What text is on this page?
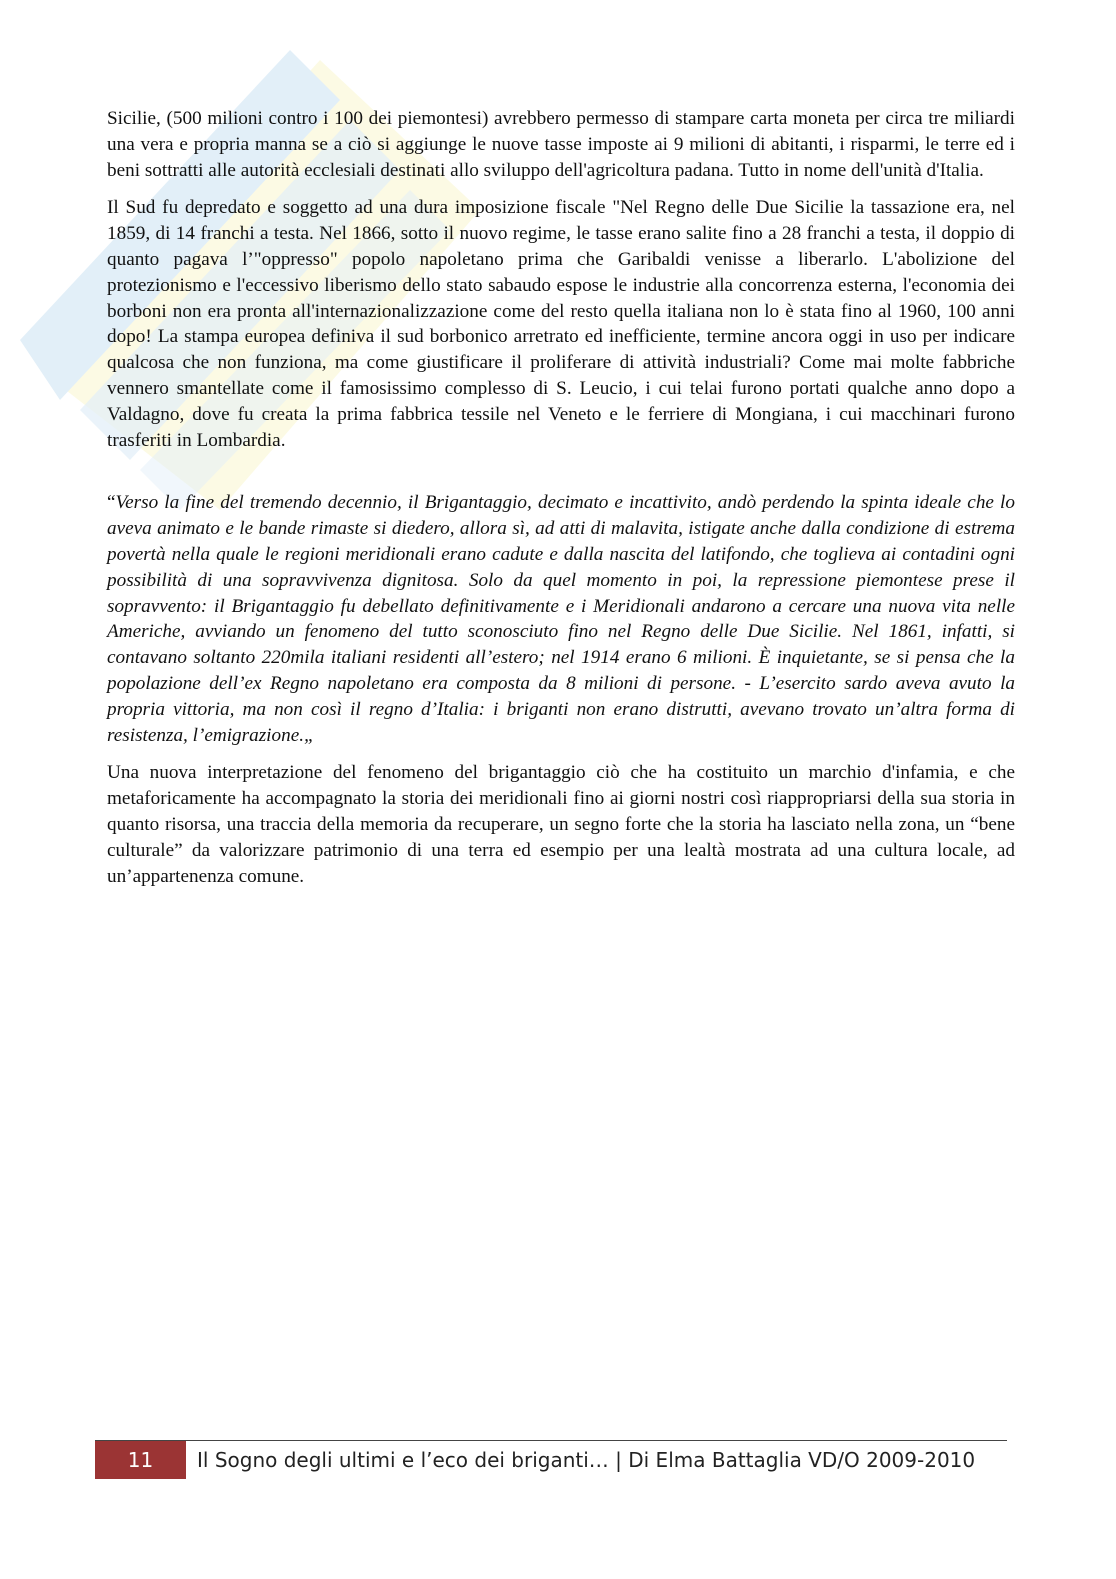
Sicilie, (500 milioni contro i 100 dei piemontesi) avrebbero permesso di stampare carta moneta per circa tre miliardi una vera e propria manna se a ciò si aggiunge le nuove tasse imposte ai 9 milioni di abitanti, i risparmi, le terre ed i beni sottratti alle autorità ecclesiali destinati allo sviluppo dell'agricoltura padana. Tutto in nome dell'unità d'Italia.

Il Sud fu depredato e soggetto ad una dura imposizione fiscale "Nel Regno delle Due Sicilie la tassazione era, nel 1859, di 14 franchi a testa. Nel 1866, sotto il nuovo regime, le tasse erano salite fino a 28 franchi a testa, il doppio di quanto pagava l’"oppresso" popolo napoletano prima che Garibaldi venisse a liberarlo. L'abolizione del protezionismo e l'eccessivo liberismo dello stato sabaudo espose le industrie alla concorrenza esterna, l'economia dei borboni non era pronta all'internazionalizzazione come del resto quella italiana non lo è stata fino al 1960, 100 anni dopo! La stampa europea definiva il sud borbonico arretrato ed inefficiente, termine ancora oggi in uso per indicare qualcosa che non funziona, ma come giustificare il proliferare di attività industriali? Come mai molte fabbriche vennero smantellate come il famosissimo complesso di S. Leucio, i cui telai furono portati qualche anno dopo a Valdagno, dove fu creata la prima fabbrica tessile nel Veneto e le ferriere di Mongiana, i cui macchinari furono trasferiti in Lombardia.

“Verso la fine del tremendo decennio, il Brigantaggio, decimato e incattivito, andò perdendo la spinta ideale che lo aveva animato e le bande rimaste si diedero, allora sì, ad atti di malavita, istigate anche dalla condizione di estrema povertà nella quale le regioni meridionali erano cadute e dalla nascita del latifondo, che toglieva ai contadini ogni possibilità di una sopravvivenza dignitosa. Solo da quel momento in poi, la repressione piemontese prese il sopravvento: il Brigantaggio fu debellato definitivamente e i Meridionali andarono a cercare una nuova vita nelle Americhe, avviando un fenomeno del tutto sconosciuto fino nel Regno delle Due Sicilie. Nel 1861, infatti, si contavano soltanto 220mila italiani residenti all’estero; nel 1914 erano 6 milioni. È inquietante, se si pensa che la popolazione dell’ex Regno napoletano era composta da 8 milioni di persone. - L’esercito sardo aveva avuto la propria vittoria, ma non così il regno d’Italia: i briganti non erano distrutti, avevano trovato un’altra forma di resistenza, l’emigrazione.„

Una nuova interpretazione del fenomeno del brigantaggio ciò che ha costituito un marchio d'infamia, e che metaforicamente ha accompagnato la storia dei meridionali fino ai giorni nostri così riappropriarsi della sua storia in quanto risorsa, una traccia della memoria da recuperare, un segno forte che la storia ha lasciato nella zona, un “bene culturale” da valorizzare patrimonio di una terra ed esempio per una lealtà mostrata ad una cultura locale, ad un’appartenenza comune.

11	Il Sogno degli ultimi e l’eco dei briganti… | Di Elma Battaglia VD/O 2009-2010
